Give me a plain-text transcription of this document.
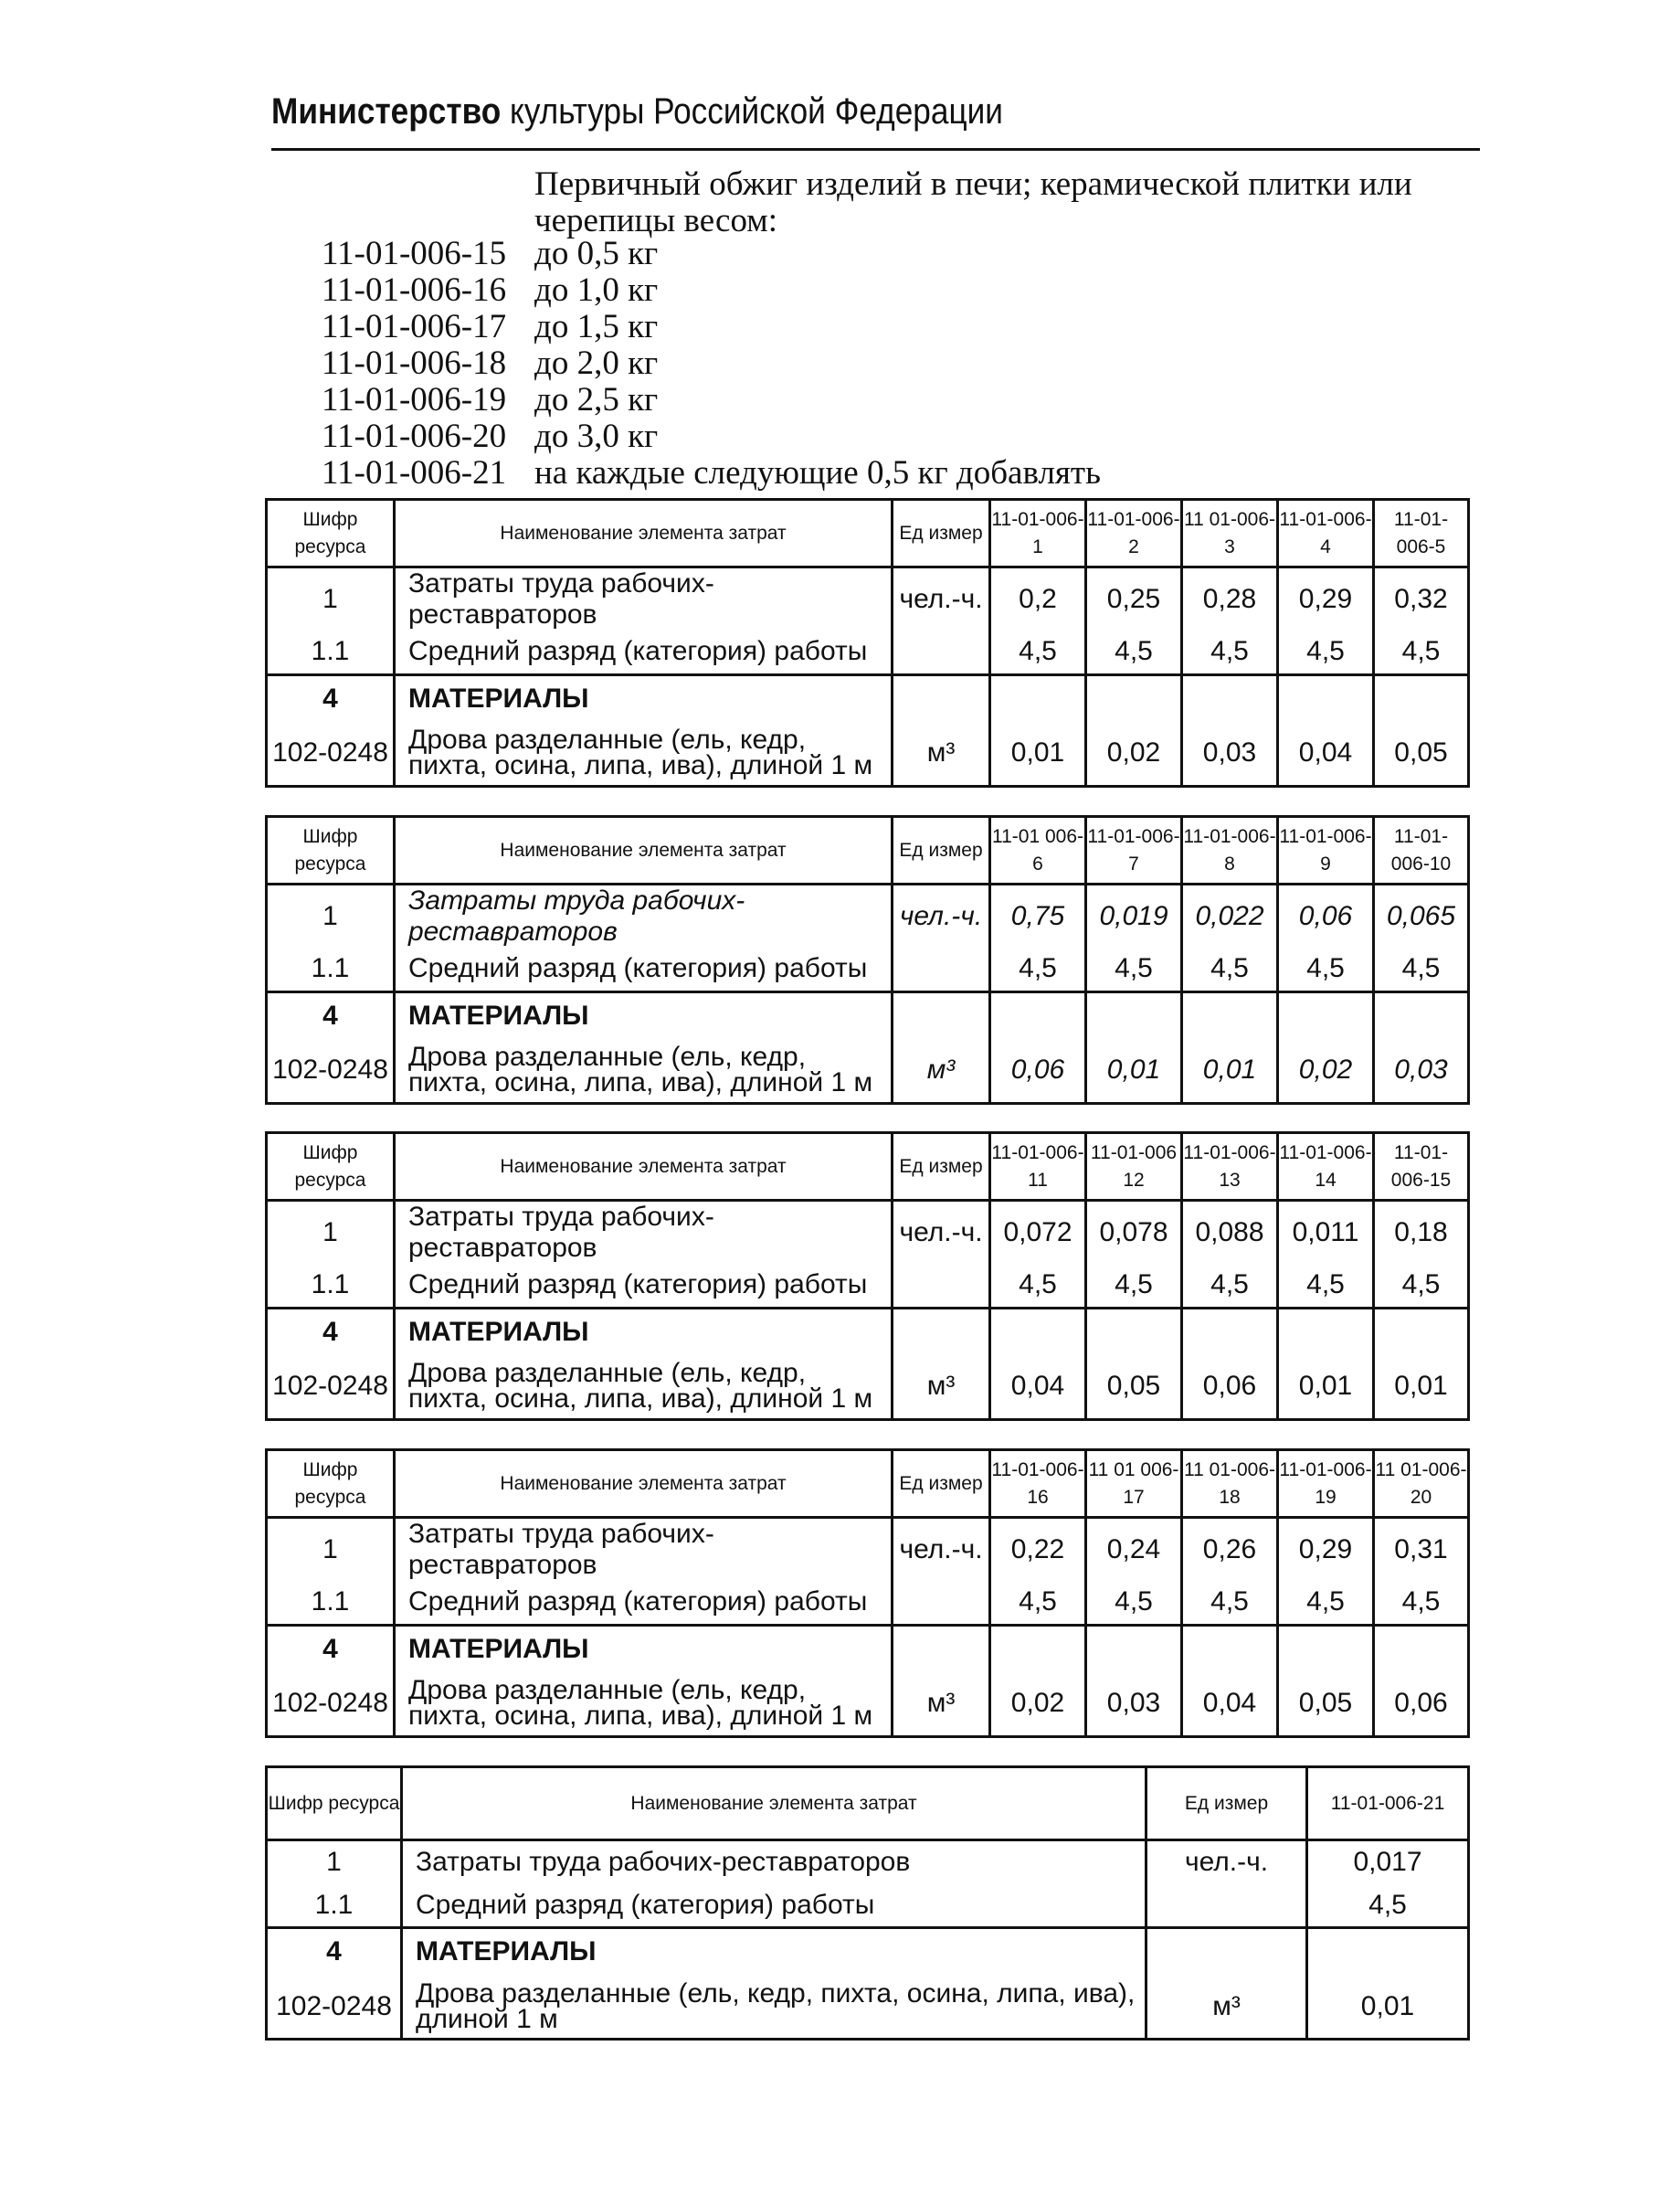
Министерство культуры Российской Федерации
Первичный обжиг изделий в печи; керамической плитки или черепицы весом:
11-01-006-15 до 0,5 кг
11-01-006-16 до 1,0 кг
11-01-006-17 до 1,5 кг
11-01-006-18 до 2,0 кг
11-01-006-19 до 2,5 кг
11-01-006-20 до 3,0 кг
11-01-006-21 на каждые следующие 0,5 кг добавлять
Шифр ресурса	Наименование элемента затрат	Ед измер	11-01-006-1	11-01-006-2	11 01-006-3	11-01-006-4	11-01-006-5
1	Затраты труда рабочих-реставраторов	чел.-ч.	0,2	0,25	0,28	0,29	0,32
1.1	Средний разряд (категория) работы		4,5	4,5	4,5	4,5	4,5
4	МАТЕРИАЛЫ						
102-0248	Дрова разделанные (ель, кедр, пихта, осина, липа, ива), длиной 1 м	м³	0,01	0,02	0,03	0,04	0,05
Шифр ресурса	Наименование элемента затрат	Ед измер	11-01 006-6	11-01-006-7	11-01-006-8	11-01-006-9	11-01-006-10
1	Затраты труда рабочих-реставраторов	чел.-ч.	0,75	0,019	0,022	0,06	0,065
1.1	Средний разряд (категория) работы		4,5	4,5	4,5	4,5	4,5
4	МАТЕРИАЛЫ						
102-0248	Дрова разделанные (ель, кедр, пихта, осина, липа, ива), длиной 1 м	м³	0,06	0,01	0,01	0,02	0,03
Шифр ресурса	Наименование элемента затрат	Ед измер	11-01-006-11	11-01-006 12	11-01-006-13	11-01-006-14	11-01-006-15
1	Затраты труда рабочих-реставраторов	чел.-ч.	0,072	0,078	0,088	0,011	0,18
1.1	Средний разряд (категория) работы		4,5	4,5	4,5	4,5	4,5
4	МАТЕРИАЛЫ						
102-0248	Дрова разделанные (ель, кедр, пихта, осина, липа, ива), длиной 1 м	м³	0,04	0,05	0,06	0,01	0,01
Шифр ресурса	Наименование элемента затрат	Ед измер	11-01-006-16	11 01 006-17	11 01-006-18	11-01-006-19	11 01-006-20
1	Затраты труда рабочих-реставраторов	чел.-ч.	0,22	0,24	0,26	0,29	0,31
1.1	Средний разряд (категория) работы		4,5	4,5	4,5	4,5	4,5
4	МАТЕРИАЛЫ						
102-0248	Дрова разделанные (ель, кедр, пихта, осина, липа, ива), длиной 1 м	м³	0,02	0,03	0,04	0,05	0,06
Шифр ресурса	Наименование элемента затрат	Ед измер	11-01-006-21
1	Затраты труда рабочих-реставраторов	чел.-ч.	0,017
1.1	Средний разряд (категория) работы		4,5
4	МАТЕРИАЛЫ		
102-0248	Дрова разделанные (ель, кедр, пихта, осина, липа, ива), длиной 1 м	м³	0,01
